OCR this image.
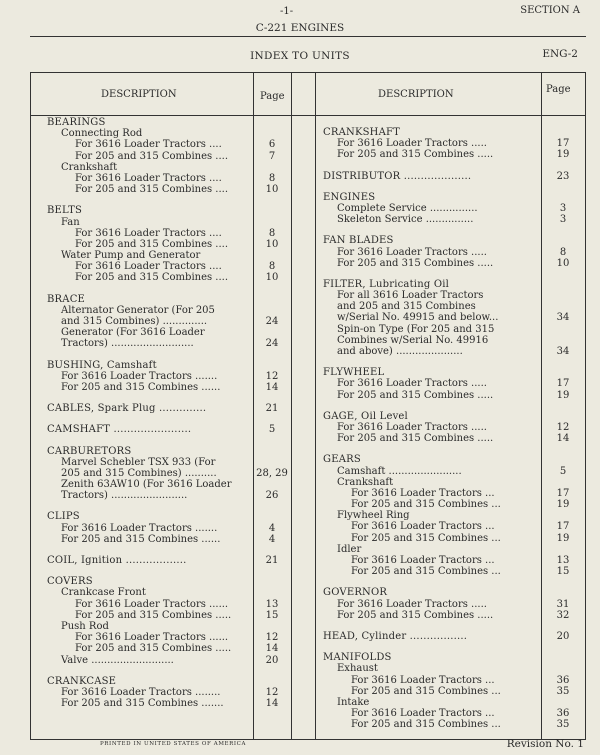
-1-	SECTION A
C-221 ENGINES
INDEX TO UNITS	ENG-2
DESCRIPTION	Page	DESCRIPTION	Page
BEARINGS
Connecting Rod
For 3616 Loader Tractors ....	6
For 205 and 315 Combines ....	7
Crankshaft
For 3616 Loader Tractors ....	8
For 205 and 315 Combines ....	10
BELTS
Fan
For 3616 Loader Tractors ....	8
For 205 and 315 Combines ....	10
Water Pump and Generator
For 3616 Loader Tractors ....	8
For 205 and 315 Combines ....	10
BRACE
Alternator Generator (For 205
and 315 Combines) ..............	24
Generator (For 3616 Loader
Tractors) ..........................	24
BUSHING, Camshaft
For 3616 Loader Tractors .......	12
For 205 and 315 Combines ......	14
CABLES, Spark Plug ..............	21
CAMSHAFT .......................	5
CARBURETORS
Marvel Schebler TSX 933 (For
205 and 315 Combines) ..........	28, 29
Zenith 63AW10 (For 3616 Loader
Tractors) ........................	26
CLIPS
For 3616 Loader Tractors .......	4
For 205 and 315 Combines ......	4
COIL, Ignition ..................	21
COVERS
Crankcase Front
For 3616 Loader Tractors ......	13
For 205 and 315 Combines .....	15
Push Rod
For 3616 Loader Tractors ......	12
For 205 and 315 Combines .....	14
Valve ..........................	20
CRANKCASE
For 3616 Loader Tractors ........	12
For 205 and 315 Combines .......	14
CRANKSHAFT
For 3616 Loader Tractors .....	17
For 205 and 315 Combines .....	19
DISTRIBUTOR ....................	23
ENGINES
Complete Service ...............	3
Skeleton Service ...............	3
FAN BLADES
For 3616 Loader Tractors .....	8
For 205 and 315 Combines .....	10
FILTER, Lubricating Oil
For all 3616 Loader Tractors
and 205 and 315 Combines
w/Serial No. 49915 and below...	34
Spin-on Type (For 205 and 315
Combines w/Serial No. 49916
and above) .....................	34
FLYWHEEL
For 3616 Loader Tractors .....	17
For 205 and 315 Combines .....	19
GAGE, Oil Level
For 3616 Loader Tractors .....	12
For 205 and 315 Combines .....	14
GEARS
Camshaft .......................	5
Crankshaft
For 3616 Loader Tractors ...	17
For 205 and 315 Combines ...	19
Flywheel Ring
For 3616 Loader Tractors ...	17
For 205 and 315 Combines ...	19
Idler
For 3616 Loader Tractors ...	13
For 205 and 315 Combines ...	15
GOVERNOR
For 3616 Loader Tractors .....	31
For 205 and 315 Combines .....	32
HEAD, Cylinder .................	20
MANIFOLDS
Exhaust
For 3616 Loader Tractors ...	36
For 205 and 315 Combines ...	35
Intake
For 3616 Loader Tractors ...	36
For 205 and 315 Combines ...	35
PRINTED IN UNITED STATES OF AMERICA	Revision No. 1
